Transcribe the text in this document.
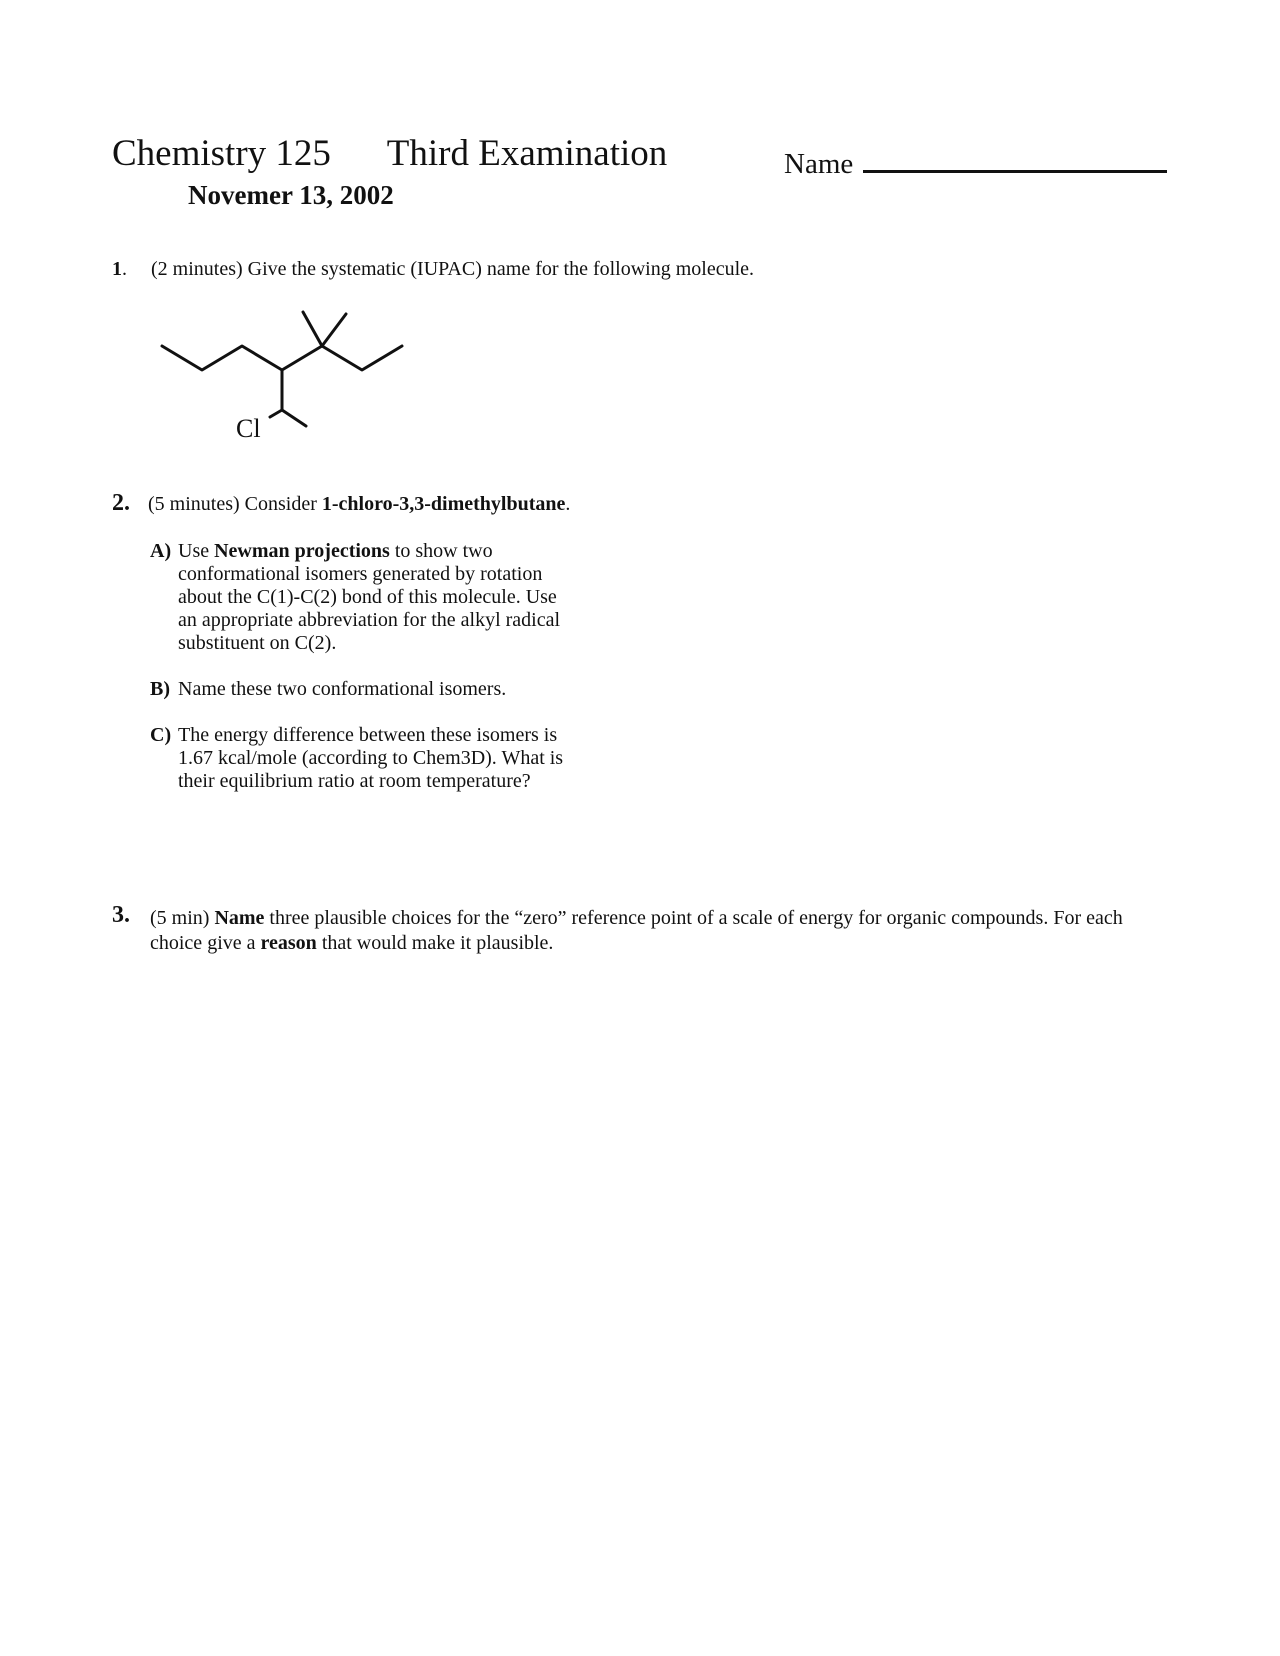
Chemistry 125 Third Examination
Novemer 13, 2002
Name
1. (2 minutes) Give the systematic (IUPAC) name for the following molecule.
Cl
2. (5 minutes) Consider 1-chloro-3,3-dimethylbutane.
A) Use Newman projections to show two conformational isomers generated by rotation about the C(1)-C(2) bond of this molecule. Use an appropriate abbreviation for the alkyl radical substituent on C(2).
B) Name these two conformational isomers.
C) The energy difference between these isomers is 1.67 kcal/mole (according to Chem3D). What is their equilibrium ratio at room temperature?
3. (5 min) Name three plausible choices for the “zero” reference point of a scale of energy for organic compounds. For each choice give a reason that would make it plausible.
